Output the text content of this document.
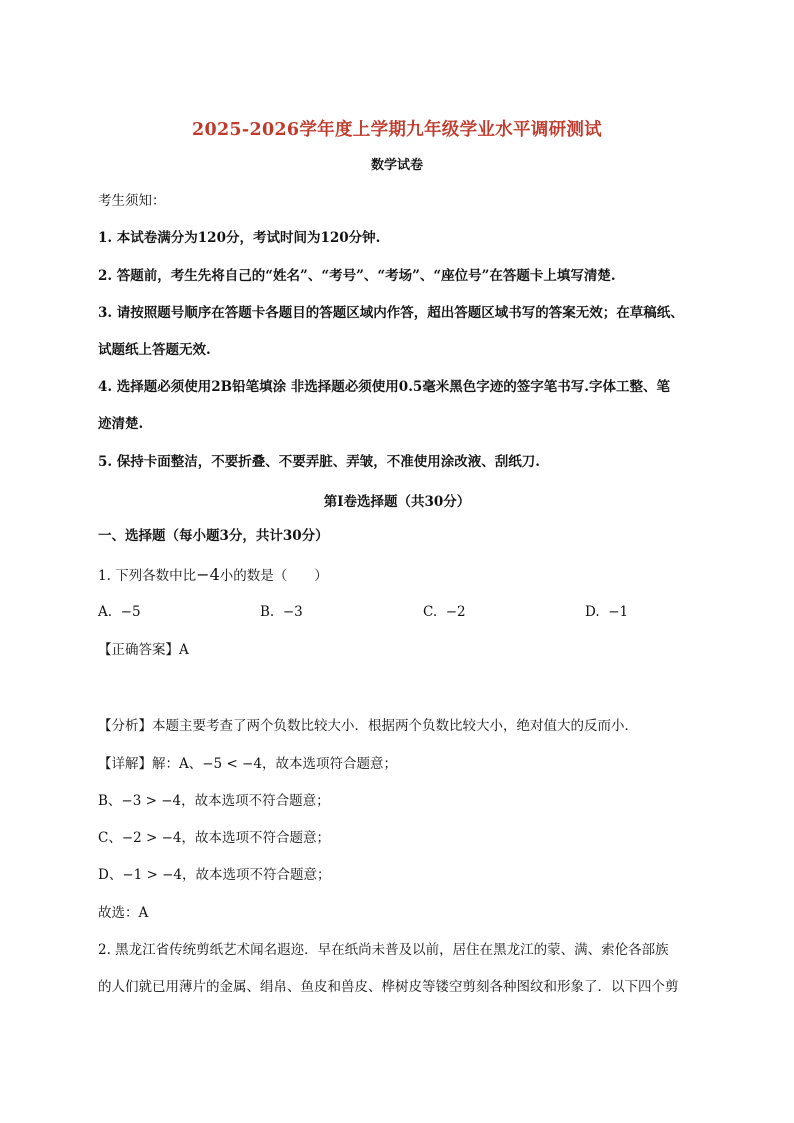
2025-2026学年度上学期九年级学业水平调研测试
数学试卷
考生须知：
1. 本试卷满分为120分，考试时间为120分钟.
2. 答题前，考生先将自己的“姓名”、“考号”、“考场”、“座位号”在答题卡上填写清楚.
3. 请按照题号顺序在答题卡各题目的答题区域内作答，超出答题区域书写的答案无效；在草稿纸、
试题纸上答题无效.
4. 选择题必须使用2B铅笔填涂 非选择题必须使用0.5毫米黑色字迹的签字笔书写.字体工整、笔
迹清楚.
5. 保持卡面整洁，不要折叠、不要弄脏、弄皱，不准使用涂改液、刮纸刀.
第Ⅰ卷选择题（共30分）
一、选择题（每小题3分，共计30分）
1. 下列各数中比−4小的数是（　　）
A. −5	B. −3	C. −2	D. −1
【正确答案】A
【分析】本题主要考查了两个负数比较大小．根据两个负数比较大小，绝对值大的反而小．
【详解】解：A、−5 < −4，故本选项符合题意；
B、−3 > −4，故本选项不符合题意；
C、−2 > −4，故本选项不符合题意；
D、−1 > −4，故本选项不符合题意；
故选：A
2. 黑龙江省传统剪纸艺术闻名遐迩．早在纸尚未普及以前，居住在黑龙江的蒙、满、索伦各部族
的人们就已用薄片的金属、绢帛、鱼皮和兽皮、桦树皮等镂空剪刻各种图纹和形象了．以下四个剪
